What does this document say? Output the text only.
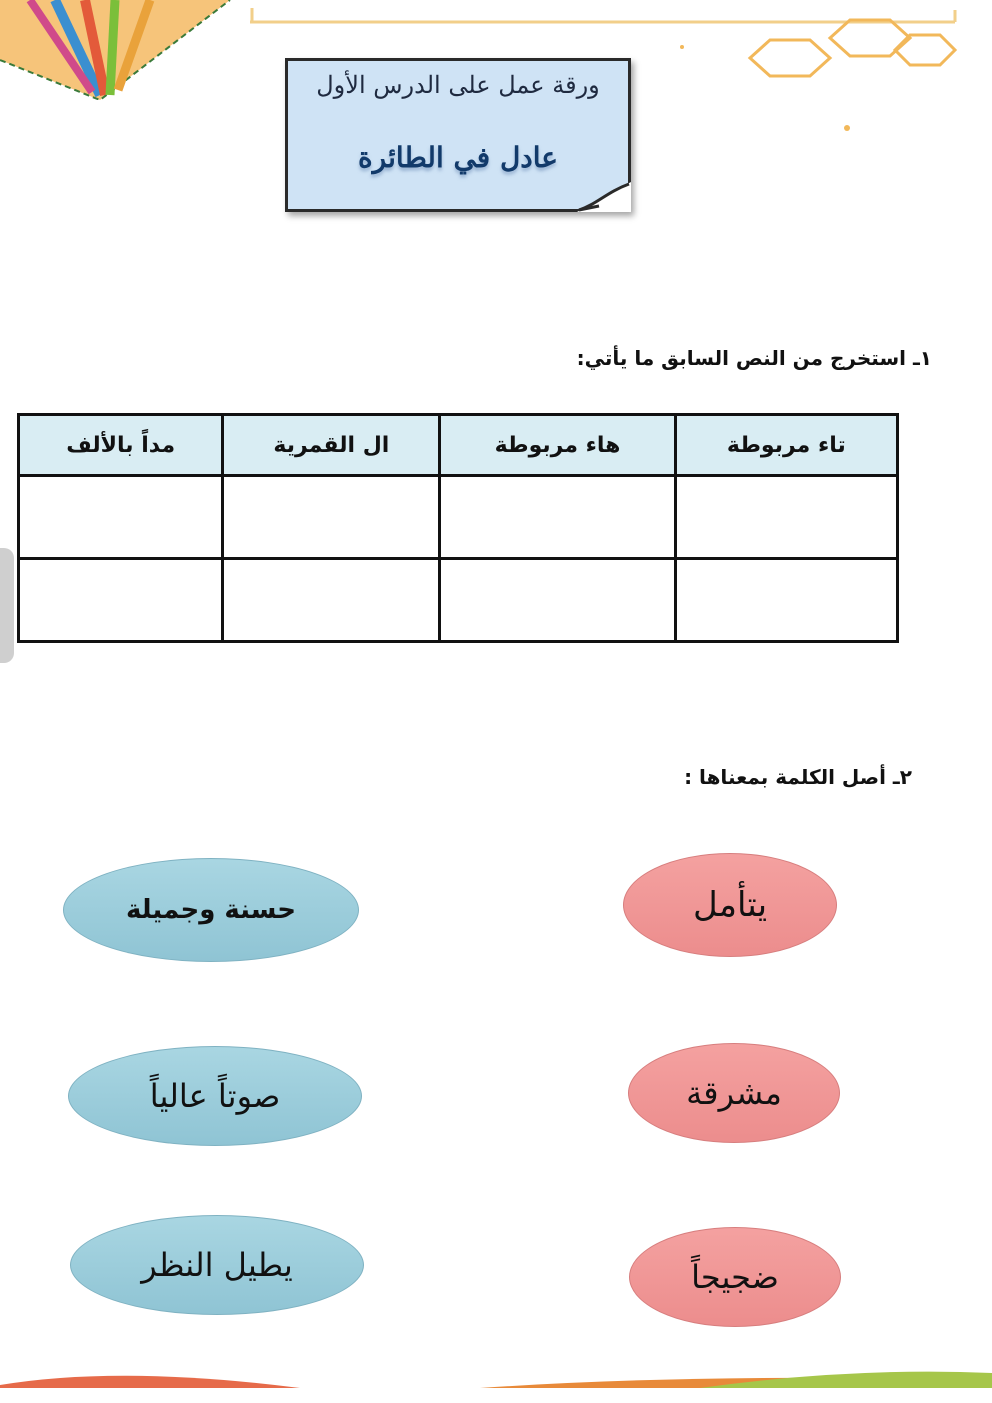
ورقة عمل على الدرس الأول
عادل في الطائرة
١ـ استخرج من النص السابق ما يأتي:
تاء مربوطة	هاء مربوطة	ال القمرية	مداً بالألف

٢ـ أصل الكلمة بمعناها :
حسنة وجميلة
صوتاً عالياً
يطيل النظر
يتأمل
مشرقة
ضجيجاً
